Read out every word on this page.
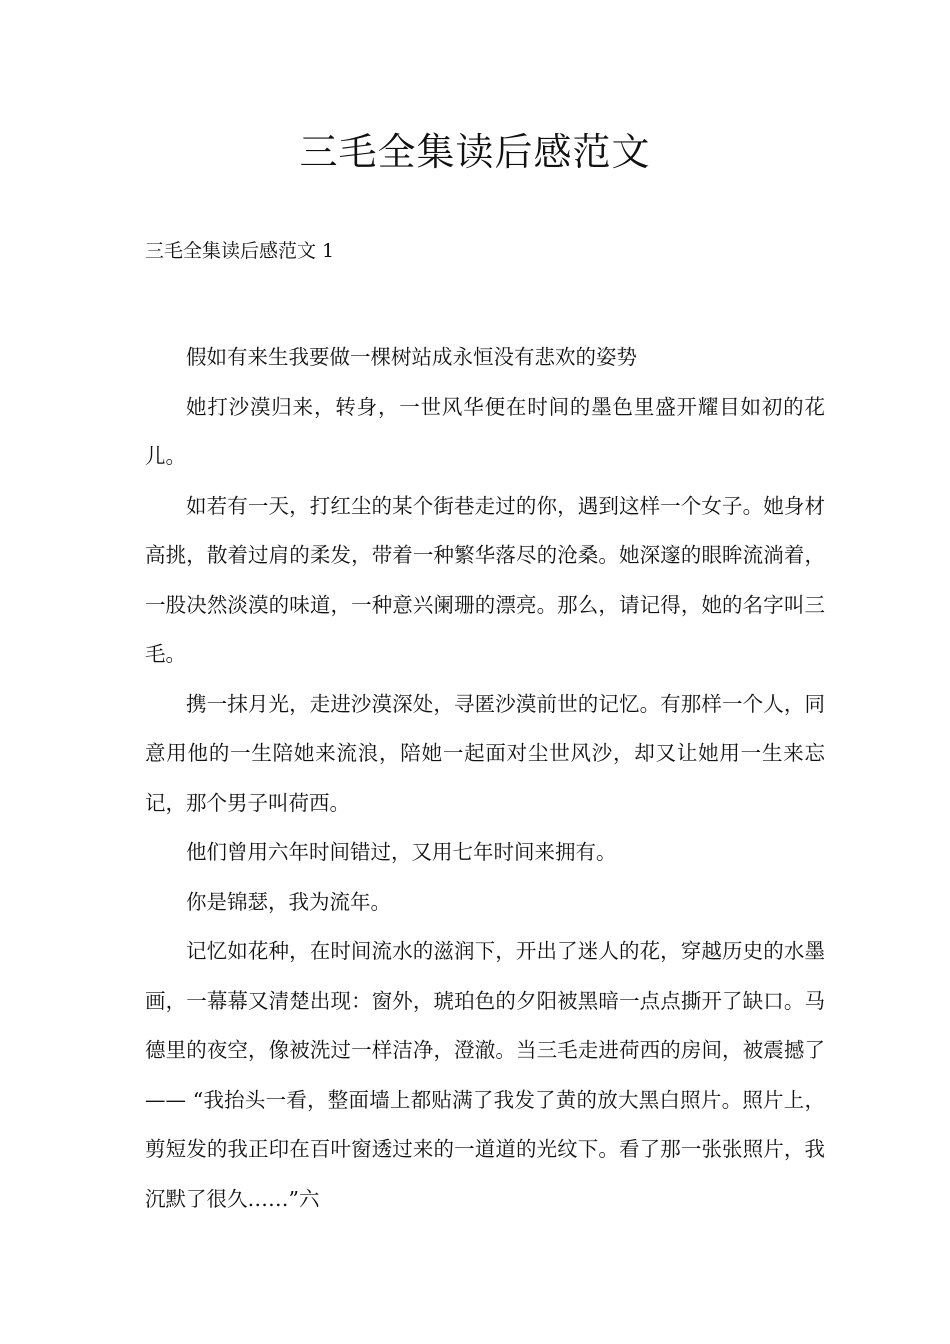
三毛全集读后感范文
三毛全集读后感范文 1

假如有来生我要做一棵树站成永恒没有悲欢的姿势

她打沙漠归来，转身，一世风华便在时间的墨色里盛开耀目如初的花儿。

如若有一天，打红尘的某个街巷走过的你，遇到这样一个女子。她身材高挑，散着过肩的柔发，带着一种繁华落尽的沧桑。她深邃的眼眸流淌着，一股决然淡漠的味道，一种意兴阑珊的漂亮。那么，请记得，她的名字叫三毛。

携一抹月光，走进沙漠深处，寻匿沙漠前世的记忆。有那样一个人，同意用他的一生陪她来流浪，陪她一起面对尘世风沙，却又让她用一生来忘记，那个男子叫荷西。

他们曾用六年时间错过，又用七年时间来拥有。

你是锦瑟，我为流年。

记忆如花种，在时间流水的滋润下，开出了迷人的花，穿越历史的水墨画，一幕幕又清楚出现：窗外，琥珀色的夕阳被黑暗一点点撕开了缺口。马德里的夜空，像被洗过一样洁净，澄澈。当三毛走进荷西的房间，被震撼了—— “我抬头一看，整面墙上都贴满了我发了黄的放大黑白照片。照片上，剪短发的我正印在百叶窗透过来的一道道的光纹下。看了那一张张照片，我沉默了很久……”六
